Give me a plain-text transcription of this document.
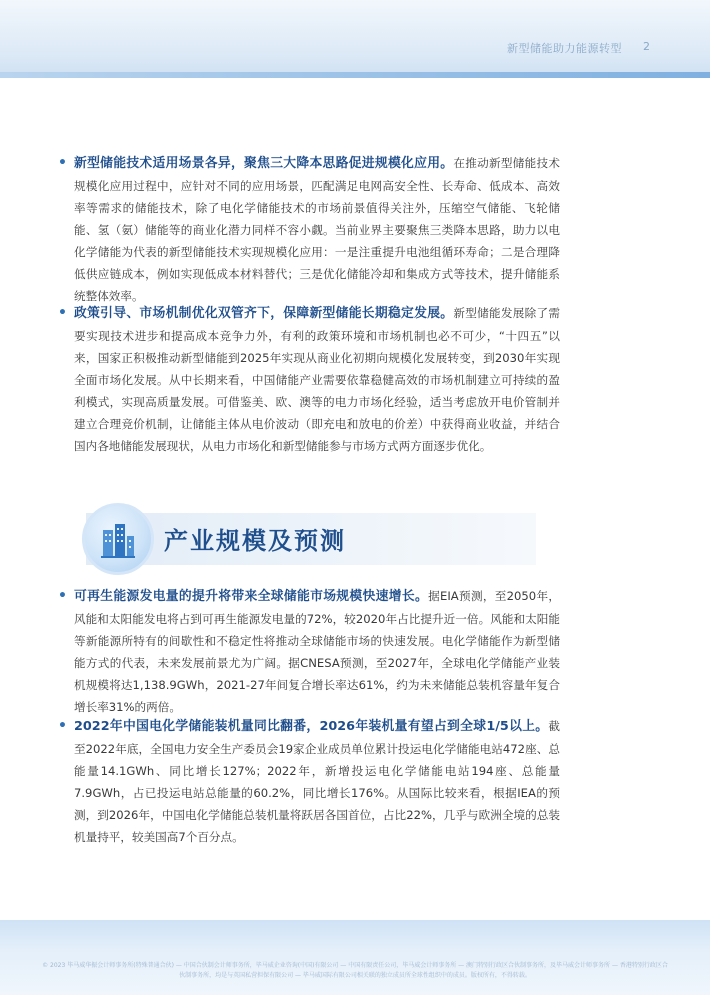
新型储能助力能源转型 2
• 新型储能技术适用场景各异，聚焦三大降本思路促进规模化应用。在推动新型储能技术规模化应用过程中，应针对不同的应用场景，匹配满足电网高安全性、长寿命、低成本、高效率等需求的储能技术，除了电化学储能技术的市场前景值得关注外，压缩空气储能、飞轮储能、氢（氨）储能等的商业化潜力同样不容小觑。当前业界主要聚焦三类降本思路，助力以电化学储能为代表的新型储能技术实现规模化应用：一是注重提升电池组循环寿命；二是合理降低供应链成本，例如实现低成本材料替代；三是优化储能冷却和集成方式等技术，提升储能系统整体效率。
• 政策引导、市场机制优化双管齐下，保障新型储能长期稳定发展。新型储能发展除了需要实现技术进步和提高成本竞争力外，有利的政策环境和市场机制也必不可少，“十四五”以来，国家正积极推动新型储能到2025年实现从商业化初期向规模化发展转变，到2030年实现全面市场化发展。从中长期来看，中国储能产业需要依靠稳健高效的市场机制建立可持续的盈利模式，实现高质量发展。可借鉴美、欧、澳等的电力市场化经验，适当考虑放开电价管制并建立合理竞价机制，让储能主体从电价波动（即充电和放电的价差）中获得商业收益，并结合国内各地储能发展现状，从电力市场化和新型储能参与市场方式两方面逐步优化。
产业规模及预测
• 可再生能源发电量的提升将带来全球储能市场规模快速增长。据EIA预测，至2050年，风能和太阳能发电将占到可再生能源发电量的72%，较2020年占比提升近一倍。风能和太阳能等新能源所特有的间歇性和不稳定性将推动全球储能市场的快速发展。电化学储能作为新型储能方式的代表，未来发展前景尤为广阔。据CNESA预测，至2027年，全球电化学储能产业装机规模将达1,138.9GWh，2021-27年间复合增长率达61%，约为未来储能总装机容量年复合增长率31%的两倍。
• 2022年中国电化学储能装机量同比翻番，2026年装机量有望占到全球1/5以上。截至2022年底，全国电力安全生产委员会19家企业成员单位累计投运电化学储能电站472座、总能量14.1GWh、同比增长127%；2022年，新增投运电化学储能电站194座、总能量7.9GWh，占已投运电站总能量的60.2%，同比增长176%。从国际比较来看，根据IEA的预测，到2026年，中国电化学储能总装机量将跃居各国首位，占比22%，几乎与欧洲全境的总装机量持平，较美国高7个百分点。
© 2023 毕马威华振会计师事务所(特殊普通合伙) — 中国合伙制会计师事务所，毕马威企业咨询(中国)有限公司 — 中国有限责任公司，毕马威会计师事务所 — 澳门特别行政区合伙制事务所，及毕马威会计师事务所 — 香港特别行政区合伙制事务所，均是与英国私营担保有限公司 — 毕马威国际有限公司相关联的独立成员所全球性组织中的成员。版权所有，不得转载。
